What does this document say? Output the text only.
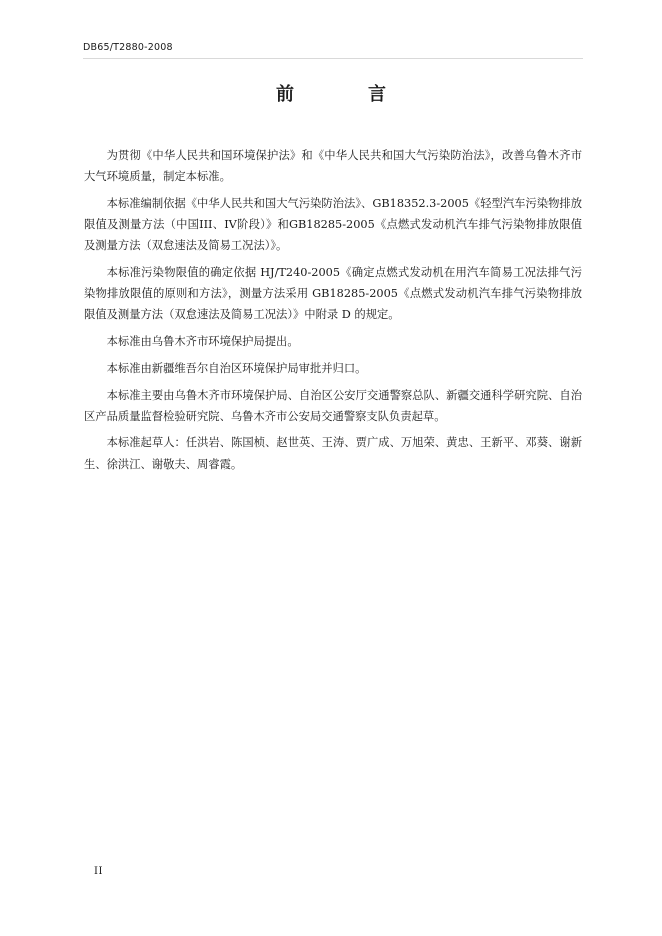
DB65/T2880-2008
前　言

为贯彻《中华人民共和国环境保护法》和《中华人民共和国大气污染防治法》，改善乌鲁木齐市大气环境质量，制定本标准。

本标准编制依据《中华人民共和国大气污染防治法》、GB18352.3-2005《轻型汽车污染物排放限值及测量方法（中国III、IV阶段）》和GB18285-2005《点燃式发动机汽车排气污染物排放限值及测量方法（双怠速法及简易工况法）》。

本标准污染物限值的确定依据 HJ/T240-2005《确定点燃式发动机在用汽车简易工况法排气污染物排放限值的原则和方法》，测量方法采用 GB18285-2005《点燃式发动机汽车排气污染物排放限值及测量方法（双怠速法及简易工况法）》中附录 D 的规定。

本标准由乌鲁木齐市环境保护局提出。

本标准由新疆维吾尔自治区环境保护局审批并归口。

本标准主要由乌鲁木齐市环境保护局、自治区公安厅交通警察总队、新疆交通科学研究院、自治区产品质量监督检验研究院、乌鲁木齐市公安局交通警察支队负责起草。

本标准起草人：任洪岩、陈国桢、赵世英、王涛、贾广成、万旭荣、黄忠、王新平、邓葵、谢新生、徐洪江、谢敬夫、周睿霞。

II
